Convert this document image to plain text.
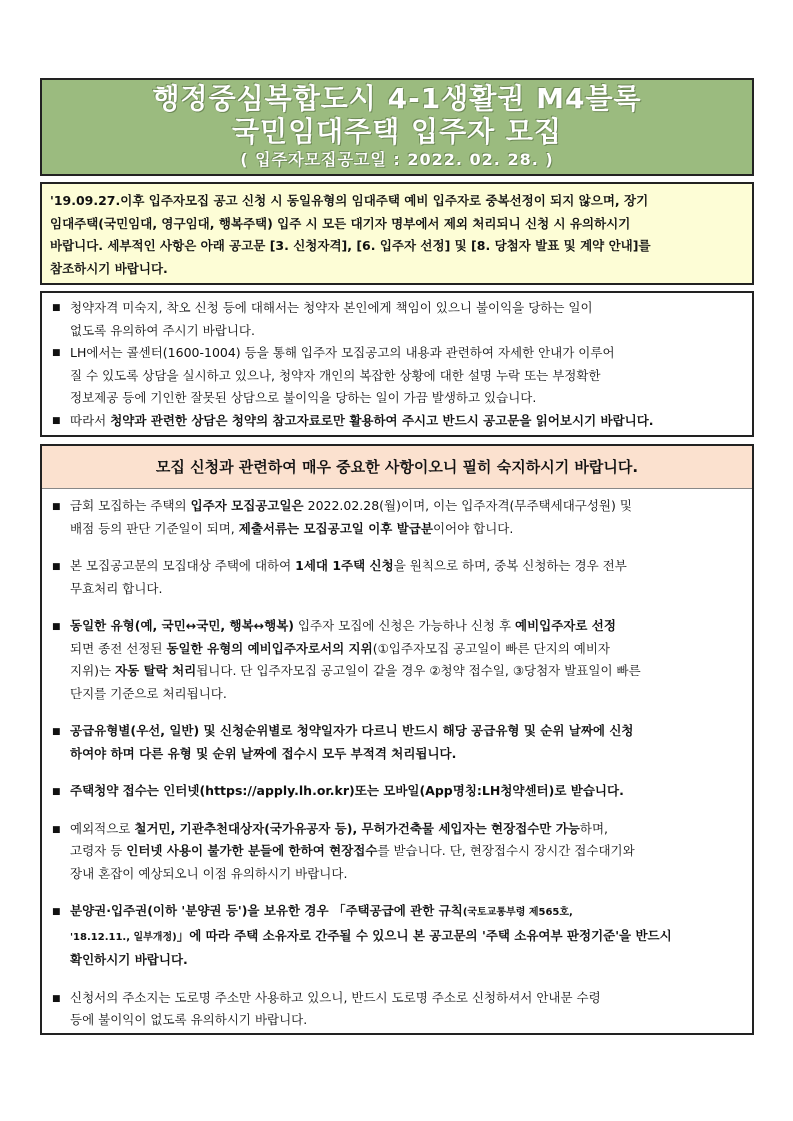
행정중심복합도시 4-1생활권 M4블록
국민임대주택 입주자 모집
( 입주자모집공고일 : 2022. 02. 28. )
'19.09.27.이후 입주자모집 공고 신청 시 동일유형의 임대주택 예비 입주자로 중복선정이 되지 않으며, 장기
임대주택(국민임대, 영구임대, 행복주택) 입주 시 모든 대기자 명부에서 제외 처리되니 신청 시 유의하시기
바랍니다. 세부적인 사항은 아래 공고문 [3. 신청자격], [6. 입주자 선정] 및 [8. 당첨자 발표 및 계약 안내]를
참조하시기 바랍니다.
■ 청약자격 미숙지, 착오 신청 등에 대해서는 청약자 본인에게 책임이 있으니 불이익을 당하는 일이
없도록 유의하여 주시기 바랍니다.
■ LH에서는 콜센터(1600-1004) 등을 통해 입주자 모집공고의 내용과 관련하여 자세한 안내가 이루어
질 수 있도록 상담을 실시하고 있으나, 청약자 개인의 복잡한 상황에 대한 설명 누락 또는 부정확한
정보제공 등에 기인한 잘못된 상담으로 불이익을 당하는 일이 가끔 발생하고 있습니다.
■ 따라서 청약과 관련한 상담은 청약의 참고자료로만 활용하여 주시고 반드시 공고문을 읽어보시기 바랍니다.
모집 신청과 관련하여 매우 중요한 사항이오니 필히 숙지하시기 바랍니다.
■ 금회 모집하는 주택의 입주자 모집공고일은 2022.02.28(월)이며, 이는 입주자격(무주택세대구성원) 및
배점 등의 판단 기준일이 되며, 제출서류는 모집공고일 이후 발급분이어야 합니다.
■ 본 모집공고문의 모집대상 주택에 대하여 1세대 1주택 신청을 원칙으로 하며, 중복 신청하는 경우 전부
무효처리 합니다.
■ 동일한 유형(예, 국민↔국민, 행복↔행복) 입주자 모집에 신청은 가능하나 신청 후 예비입주자로 선정
되면 종전 선정된 동일한 유형의 예비입주자로서의 지위(①입주자모집 공고일이 빠른 단지의 예비자
지위)는 자동 탈락 처리됩니다. 단 입주자모집 공고일이 같을 경우 ②청약 접수일, ③당첨자 발표일이 빠른
단지를 기준으로 처리됩니다.
■ 공급유형별(우선, 일반) 및 신청순위별로 청약일자가 다르니 반드시 해당 공급유형 및 순위 날짜에 신청
하여야 하며 다른 유형 및 순위 날짜에 접수시 모두 부적격 처리됩니다.
■ 주택청약 접수는 인터넷(https://apply.lh.or.kr)또는 모바일(App명칭:LH청약센터)로 받습니다.
■ 예외적으로 철거민, 기관추천대상자(국가유공자 등), 무허가건축물 세입자는 현장접수만 가능하며,
고령자 등 인터넷 사용이 불가한 분들에 한하여 현장접수를 받습니다. 단, 현장접수시 장시간 접수대기와
장내 혼잡이 예상되오니 이점 유의하시기 바랍니다.
■ 분양권·입주권(이하 '분양권 등')을 보유한 경우 「주택공급에 관한 규칙(국토교통부령 제565호,
'18.12.11., 일부개정)」에 따라 주택 소유자로 간주될 수 있으니 본 공고문의 '주택 소유여부 판정기준'을 반드시
확인하시기 바랍니다.
■ 신청서의 주소지는 도로명 주소만 사용하고 있으니, 반드시 도로명 주소로 신청하셔서 안내문 수령
등에 불이익이 없도록 유의하시기 바랍니다.
